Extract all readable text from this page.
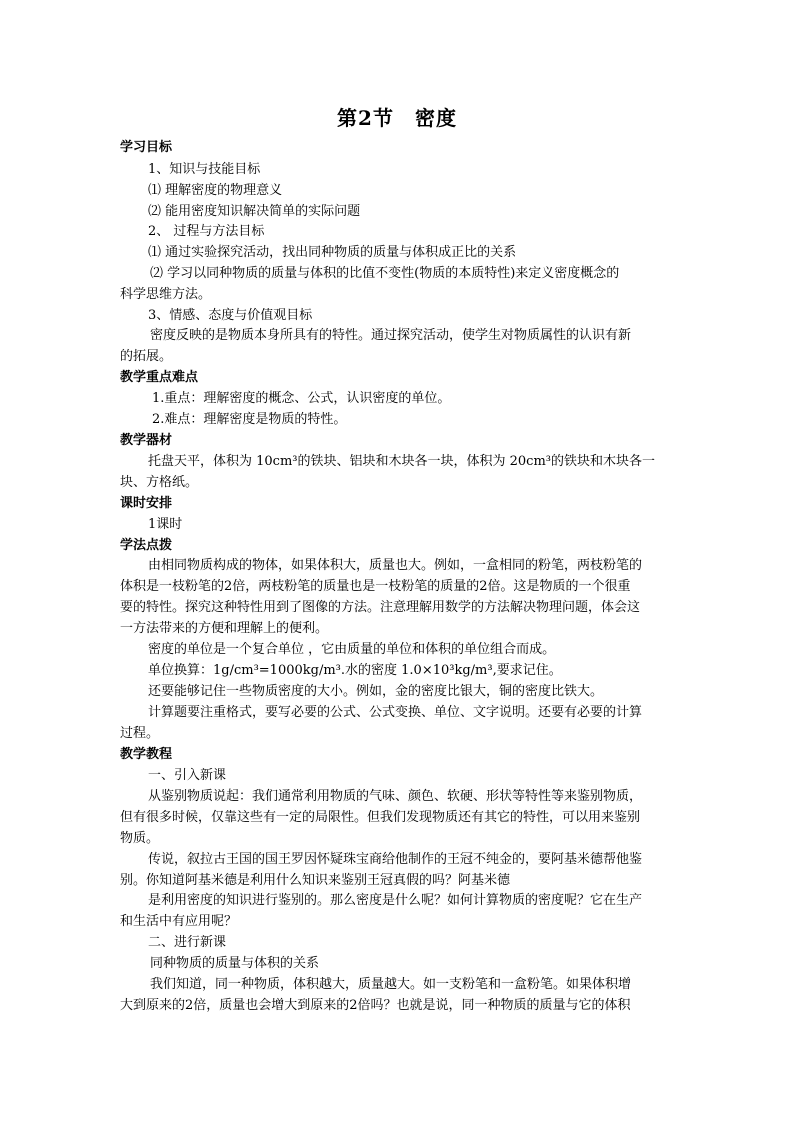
第2节　密度
学习目标
1、知识与技能目标
⑴ 理解密度的物理意义
⑵ 能用密度知识解决简单的实际问题
2、 过程与方法目标
⑴ 通过实验探究活动，找出同种物质的质量与体积成正比的关系
⑵ 学习以同种物质的质量与体积的比值不变性(物质的本质特性)来定义密度概念的
科学思维方法。
3、情感、态度与价值观目标
密度反映的是物质本身所具有的特性。通过探究活动，使学生对物质属性的认识有新
的拓展。
教学重点难点
1.重点：理解密度的概念、公式，认识密度的单位。
2.难点：理解密度是物质的特性。
教学器材
托盘天平，体积为 10cm³的铁块、铝块和木块各一块，体积为 20cm³的铁块和木块各一
块、方格纸。
课时安排
1课时
学法点拨
由相同物质构成的物体，如果体积大，质量也大。例如，一盒相同的粉笔，两枝粉笔的
体积是一枝粉笔的2倍，两枝粉笔的质量也是一枝粉笔的质量的2倍。这是物质的一个很重
要的特性。探究这种特性用到了图像的方法。注意理解用数学的方法解决物理问题，体会这
一方法带来的方便和理解上的便利。
密度的单位是一个复合单位 ，它由质量的单位和体积的单位组合而成。
单位换算：1g/cm³=1000kg/m³.水的密度 1.0×10³kg/m³,要求记住。
还要能够记住一些物质密度的大小。例如，金的密度比银大，铜的密度比铁大。
计算题要注重格式，要写必要的公式、公式变换、单位、文字说明。还要有必要的计算
过程。
教学教程
一、引入新课
从鉴别物质说起：我们通常利用物质的气味、颜色、软硬、形状等特性等来鉴别物质，
但有很多时候，仅靠这些有一定的局限性。但我们发现物质还有其它的特性，可以用来鉴别
物质。
传说，叙拉古王国的国王罗因怀疑珠宝商给他制作的王冠不纯金的，要阿基米德帮他鉴
别。你知道阿基米德是利用什么知识来鉴别王冠真假的吗？阿基米德
是利用密度的知识进行鉴别的。那么密度是什么呢？如何计算物质的密度呢？它在生产
和生活中有应用呢？
二、进行新课
同种物质的质量与体积的关系
我们知道，同一种物质，体积越大，质量越大。如一支粉笔和一盒粉笔。如果体积增
大到原来的2倍，质量也会增大到原来的2倍吗？也就是说，同一种物质的质量与它的体积
